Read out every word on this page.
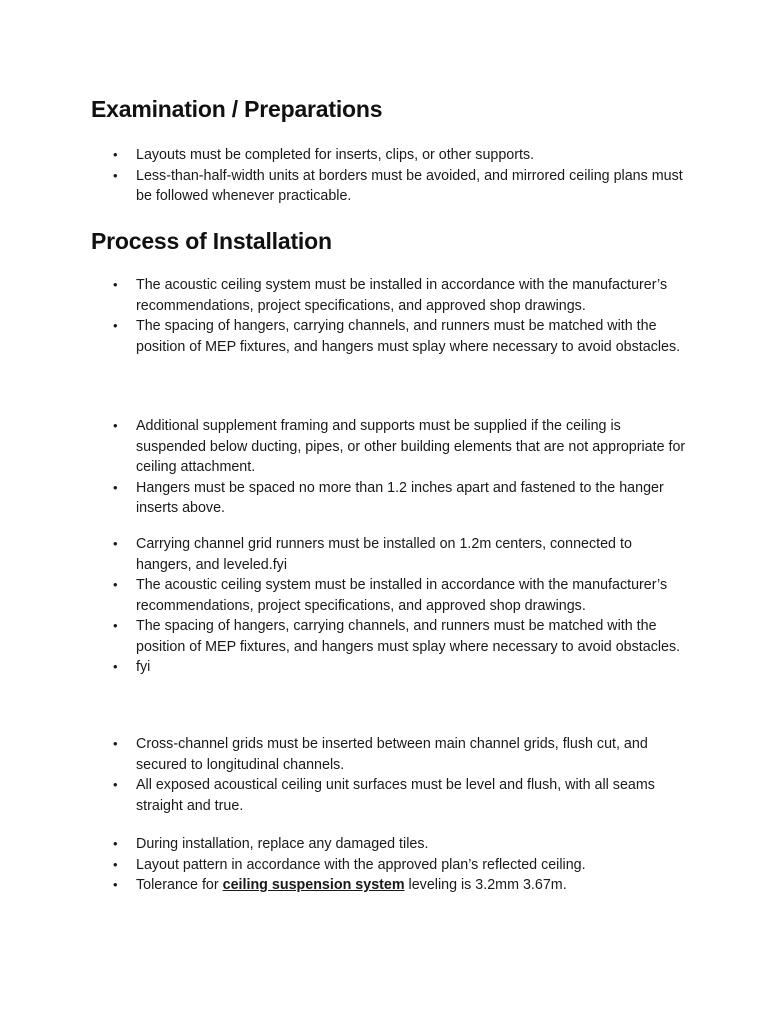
Examination / Preparations
• Layouts must be completed for inserts, clips, or other supports.
• Less-than-half-width units at borders must be avoided, and mirrored ceiling plans must be followed whenever practicable.
Process of Installation
• The acoustic ceiling system must be installed in accordance with the manufacturer’s recommendations, project specifications, and approved shop drawings.
• The spacing of hangers, carrying channels, and runners must be matched with the position of MEP fixtures, and hangers must splay where necessary to avoid obstacles.
• Additional supplement framing and supports must be supplied if the ceiling is suspended below ducting, pipes, or other building elements that are not appropriate for ceiling attachment.
• Hangers must be spaced no more than 1.2 inches apart and fastened to the hanger inserts above.
• Carrying channel grid runners must be installed on 1.2m centers, connected to hangers, and leveled.fyi
• The acoustic ceiling system must be installed in accordance with the manufacturer’s recommendations, project specifications, and approved shop drawings.
• The spacing of hangers, carrying channels, and runners must be matched with the position of MEP fixtures, and hangers must splay where necessary to avoid obstacles.
• fyi
• Cross-channel grids must be inserted between main channel grids, flush cut, and secured to longitudinal channels.
• All exposed acoustical ceiling unit surfaces must be level and flush, with all seams straight and true.
• During installation, replace any damaged tiles.
• Layout pattern in accordance with the approved plan’s reflected ceiling.
• Tolerance for ceiling suspension system leveling is 3.2mm 3.67m.
